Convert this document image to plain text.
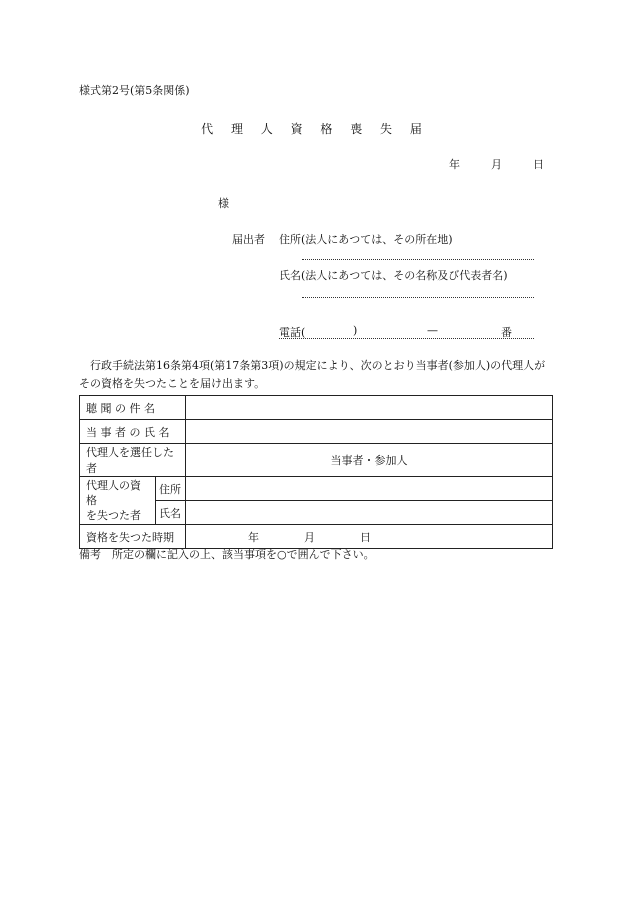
様式第2号(第5条関係)
代 理 人 資 格 喪 失 届
年	月	日
様
届出者 住所(法人にあつては、その所在地)
氏名(法人にあつては、その名称及び代表者名)
電話(	)	—	番
行政手続法第16条第4項(第17条第3項)の規定により、次のとおり当事者(参加人)の代理人がその資格を失つたことを届け出ます。
聴 聞 の 件 名		
当 事 者 の 氏 名		
代理人を選任した者		当事者・参加人

代理人の資格
を失つた者	住所	
	氏名	
資格を失つた時期		年 月 日
備考　所定の欄に記入の上、該当事項を○で囲んで下さい。
